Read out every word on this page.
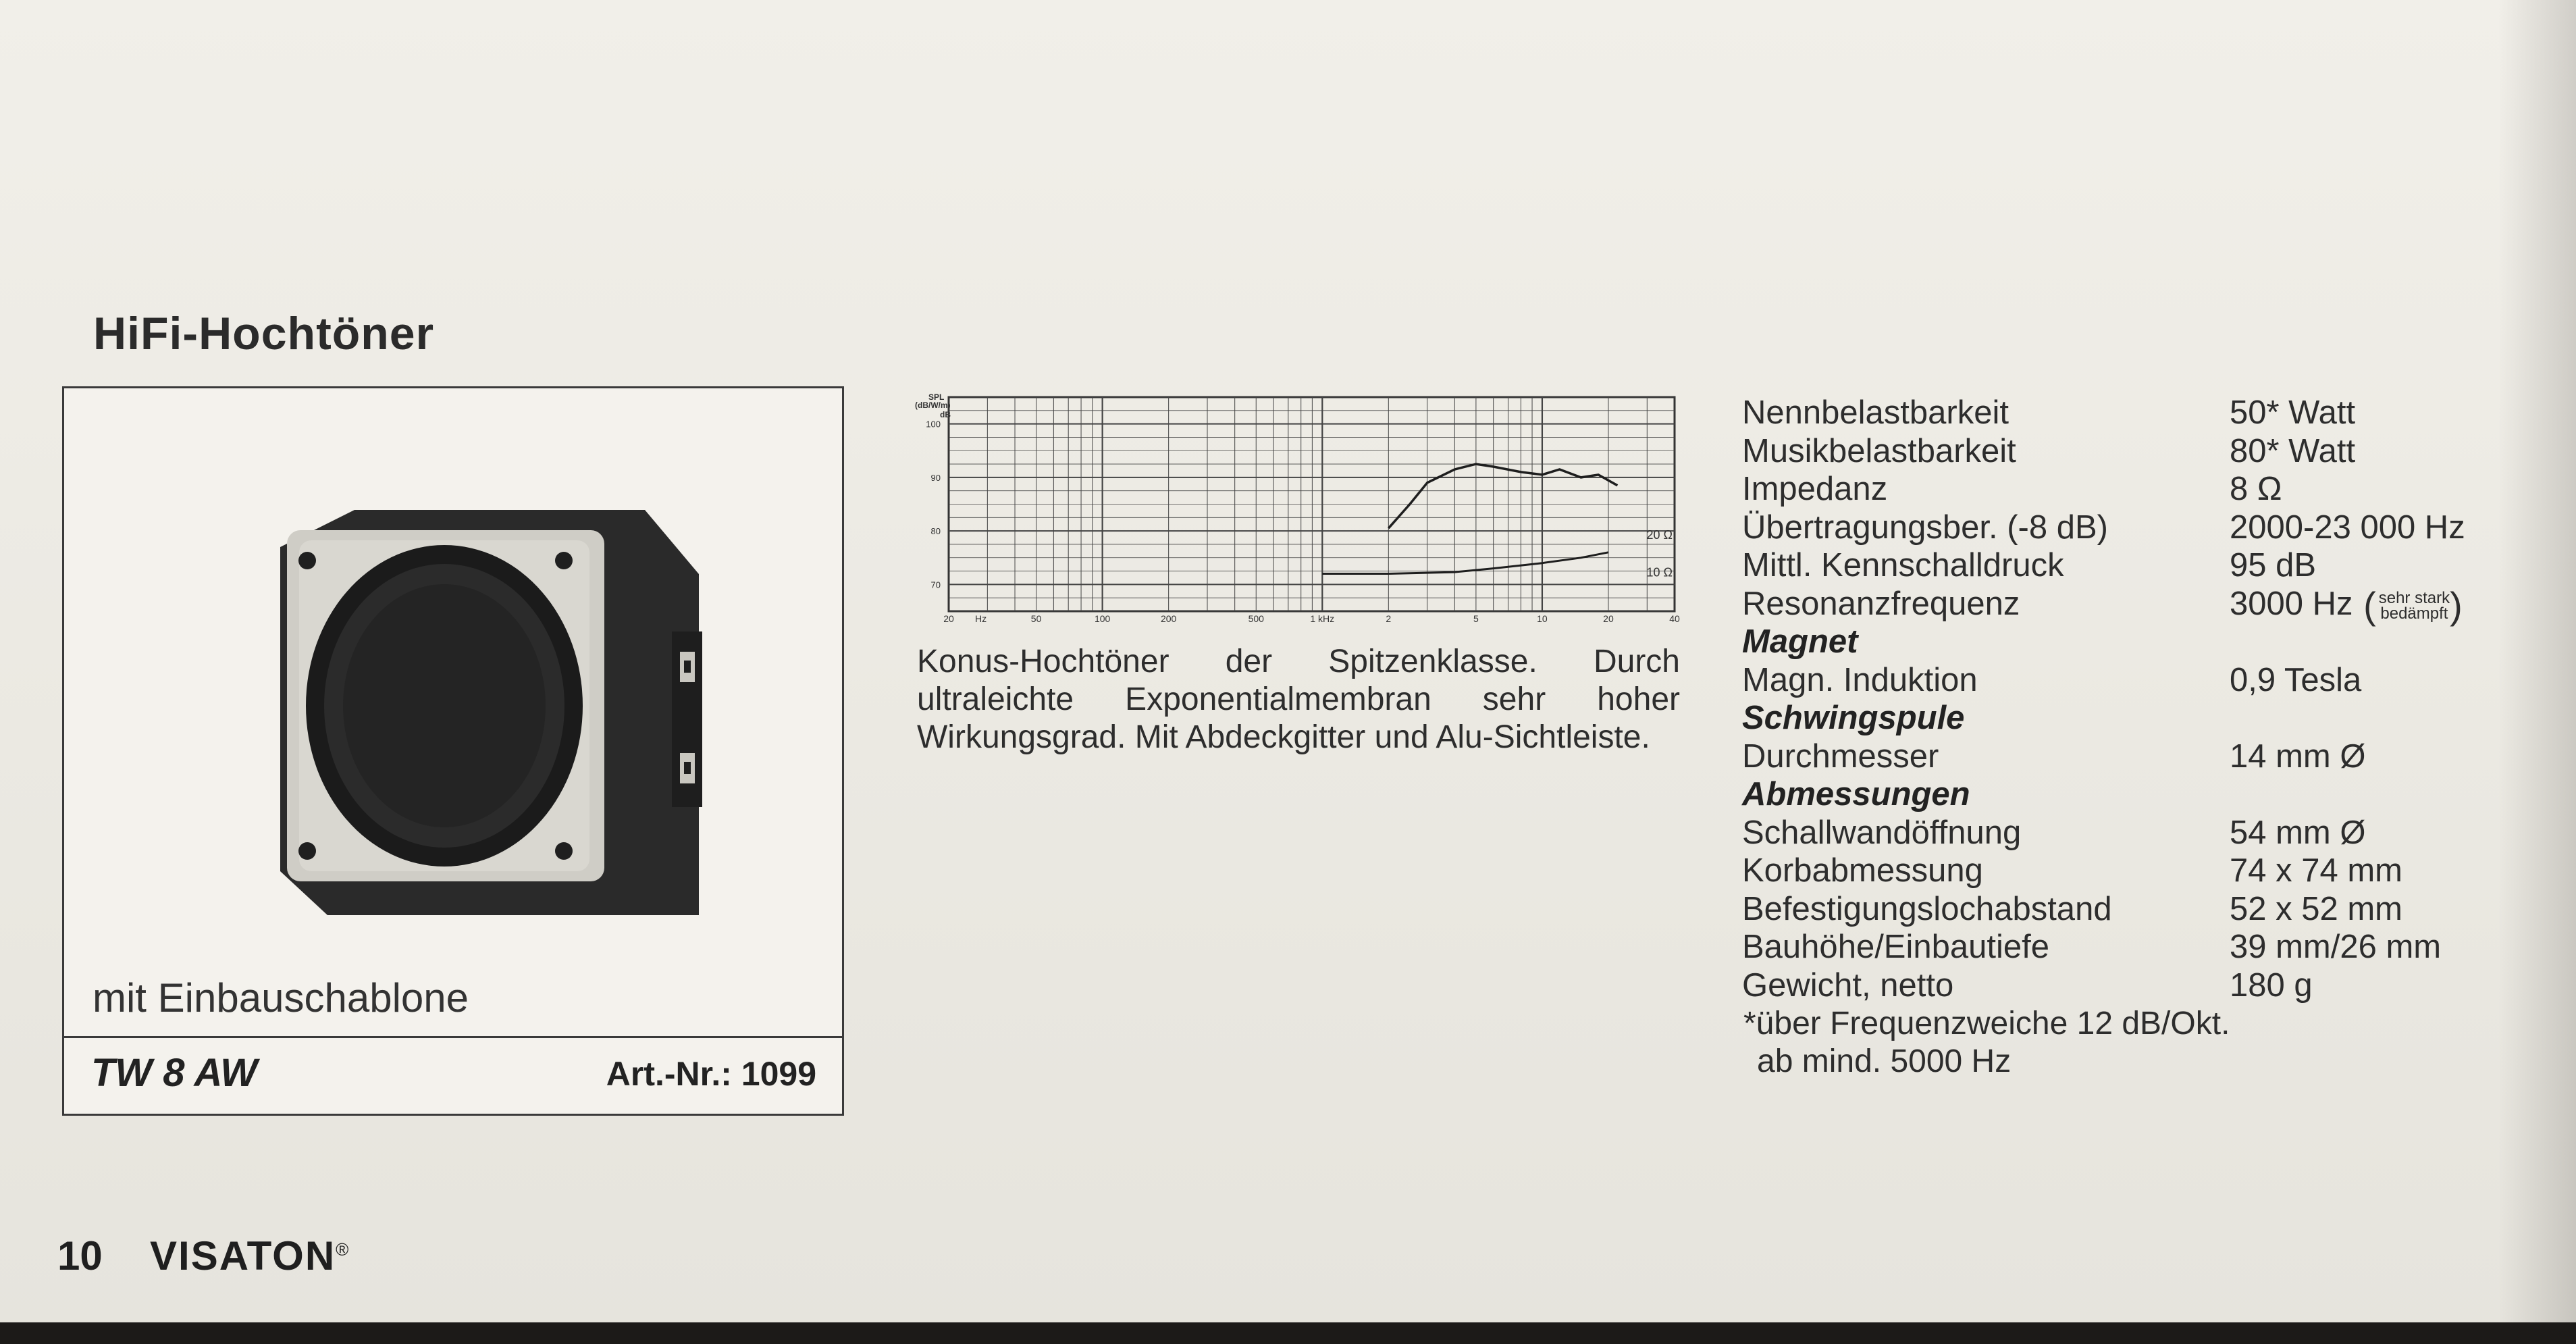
HiFi-Hochtöner
mit Einbauschablone
TW 8 AW	Art.-Nr.: 1099
SPL
(dB/W/m)
dB
100
90
80
70
20 Hz	50	100	200	500	1 kHz	2	5	10	20	40
20 Ω
10 Ω
Konus-Hochtöner der Spitzenklasse. Durch ultraleichte Exponentialmembran sehr hoher Wirkungsgrad. Mit Abdeckgitter und Alu-Sichtleiste.
Nennbelastbarkeit	50* Watt
Musikbelastbarkeit	80* Watt
Impedanz	8 Ω
Übertragungsber. (-8 dB)	2000-23 000 Hz
Mittl. Kennschalldruck	95 dB
Resonanzfrequenz	3000 Hz ( sehr stark
bedämpft )
Magnet
Magn. Induktion	0,9 Tesla
Schwingspule
Durchmesser	14 mm Ø
Abmessungen
Schallwandöffnung	54 mm Ø
Korbabmessung	74 x 74 mm
Befestigungslochabstand	52 x 52 mm
Bauhöhe/Einbautiefe	39 mm/26 mm
Gewicht, netto	180 g
*über Frequenzweiche 12 dB/Okt.
ab mind. 5000 Hz
10 VISATON®
